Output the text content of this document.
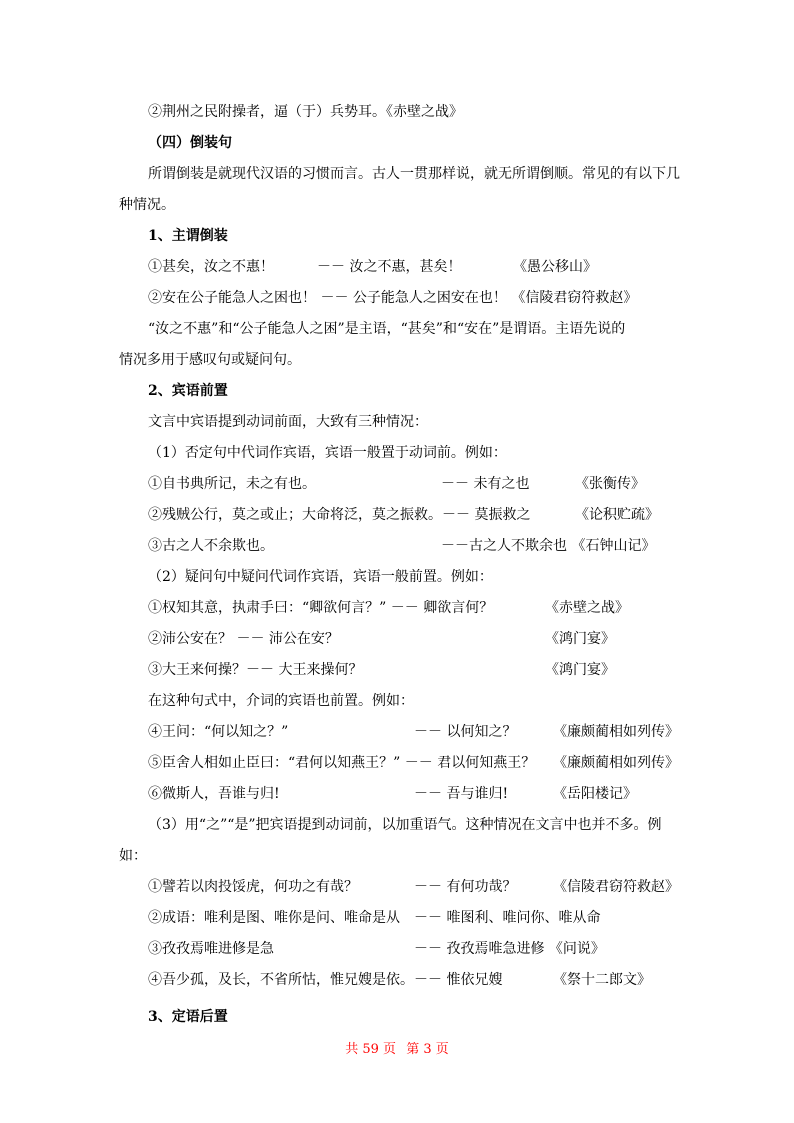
②荆州之民附操者，逼（于）兵势耳。《赤壁之战》
（四）倒装句
所谓倒装是就现代汉语的习惯而言。古人一贯那样说，就无所谓倒顺。常见的有以下几
种情况。
1、主谓倒装
①甚矣，汝之不惠！	－－ 汝之不惠，甚矣！	《愚公移山》
②安在公子能急人之困也！ －－ 公子能急人之困安在也！ 《信陵君窃符救赵》
“汝之不惠”和“公子能急人之困”是主语，“甚矣”和“安在”是谓语。主语先说的
情况多用于感叹句或疑问句。
2、宾语前置
文言中宾语提到动词前面，大致有三种情况：
（1）否定句中代词作宾语，宾语一般置于动词前。例如：
①自书典所记，未之有也。	－－ 未有之也	《张衡传》
②残贼公行，莫之或止；大命将泛，莫之振救。－－ 莫振救之	《论积贮疏》
③古之人不余欺也。	－－古之人不欺余也 《石钟山记》
（2）疑问句中疑问代词作宾语，宾语一般前置。例如：
①权知其意，执肃手曰：“卿欲何言？” －－ 卿欲言何？	《赤壁之战》
②沛公安在？ －－ 沛公在安？	《鸿门宴》
③大王来何操？－－ 大王来操何？	《鸿门宴》
在这种句式中，介词的宾语也前置。例如：
④王问：“何以知之？”	－－ 以何知之？	《廉颇蔺相如列传》
⑤臣舍人相如止臣曰：“君何以知燕王？” －－ 君以何知燕王？ 《廉颇蔺相如列传》
⑥微斯人，吾谁与归!	－－ 吾与谁归!	《岳阳楼记》
（3）用“之”“是”把宾语提到动词前，以加重语气。这种情况在文言中也并不多。例
如：
①譬若以肉投馁虎，何功之有哉？	－－ 有何功哉？	《信陵君窃符救赵》
②成语：唯利是图、唯你是问、唯命是从 －－ 唯图利、唯问你、唯从命
③孜孜焉唯进修是急	－－ 孜孜焉唯急进修 《问说》
④吾少孤，及长，不省所怙，惟兄嫂是依。－－ 惟依兄嫂	《祭十二郎文》
3、定语后置
共 59 页 第 3 页
